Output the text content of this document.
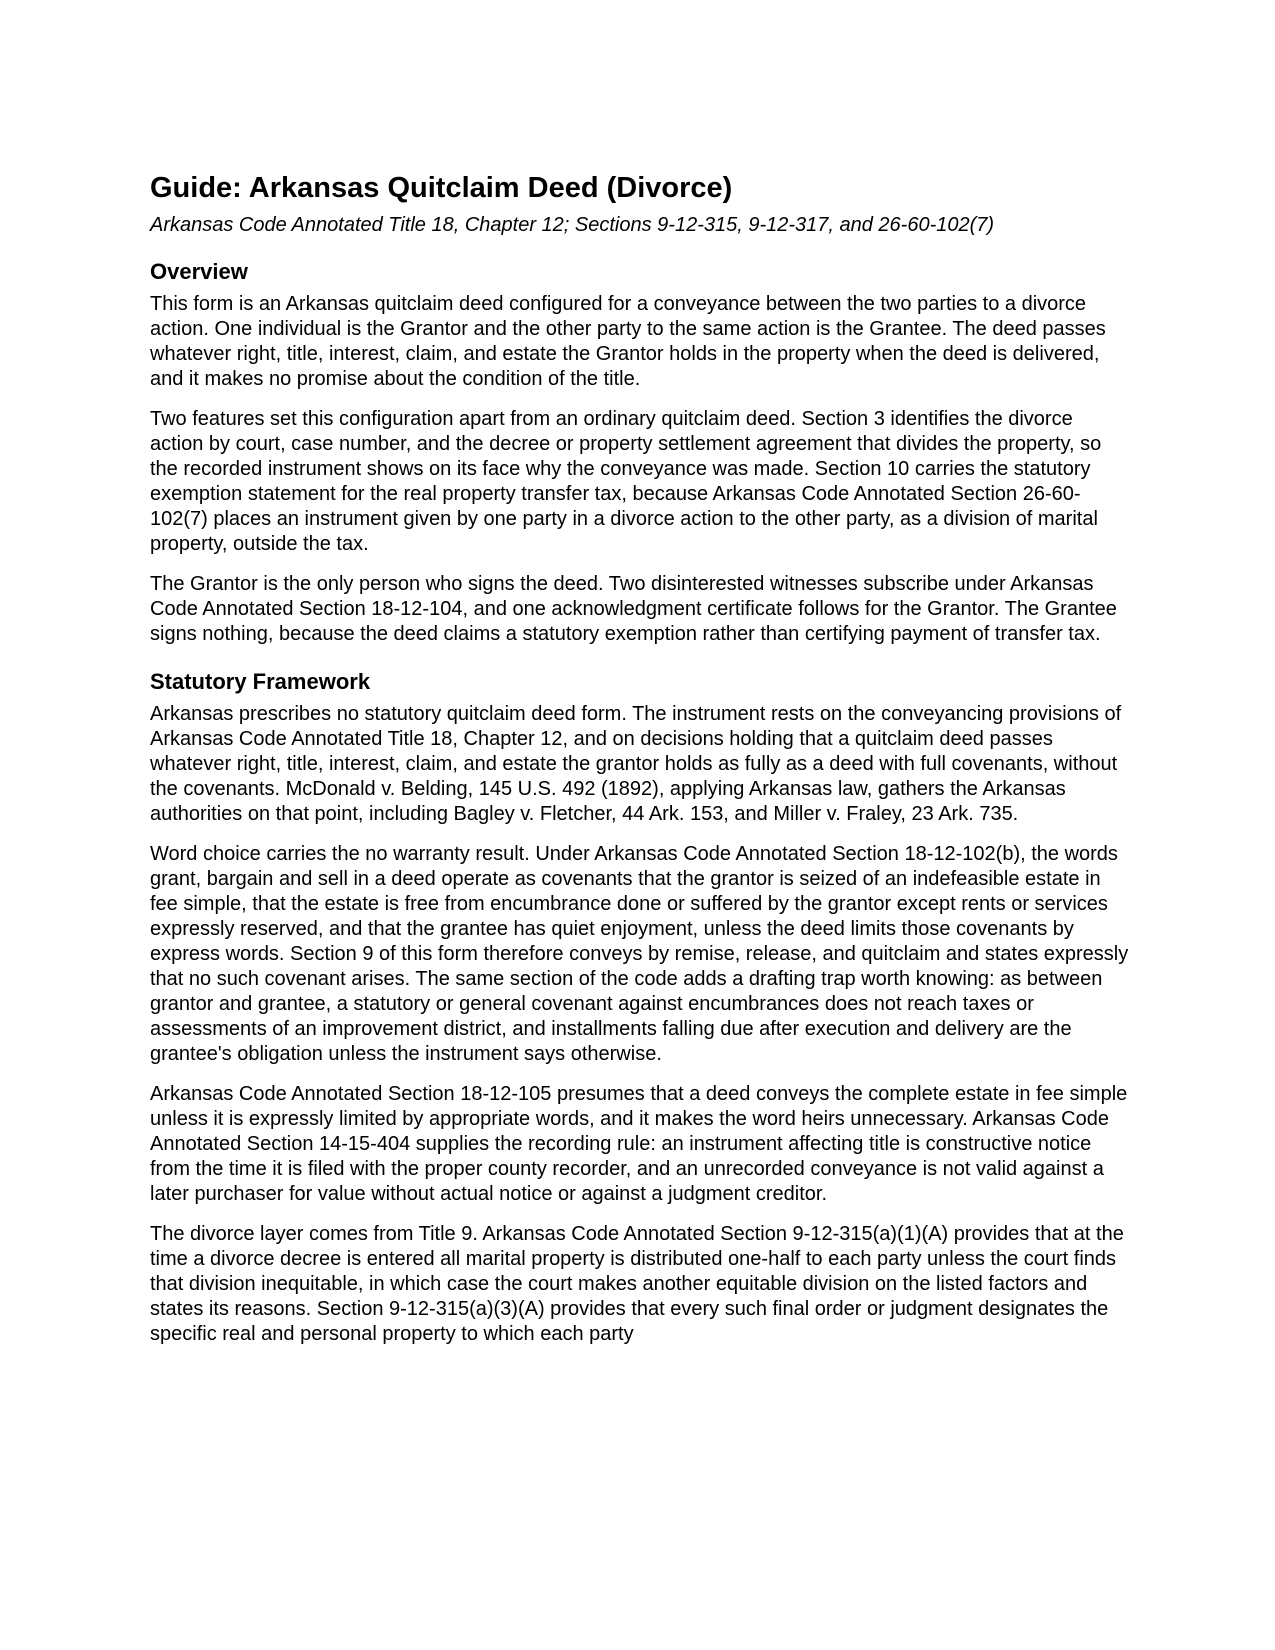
Guide: Arkansas Quitclaim Deed (Divorce)

Arkansas Code Annotated Title 18, Chapter 12; Sections 9-12-315, 9-12-317, and 26-60-102(7)

Overview

This form is an Arkansas quitclaim deed configured for a conveyance between the two parties to a divorce action. One individual is the Grantor and the other party to the same action is the Grantee. The deed passes whatever right, title, interest, claim, and estate the Grantor holds in the property when the deed is delivered, and it makes no promise about the condition of the title.

Two features set this configuration apart from an ordinary quitclaim deed. Section 3 identifies the divorce action by court, case number, and the decree or property settlement agreement that divides the property, so the recorded instrument shows on its face why the conveyance was made. Section 10 carries the statutory exemption statement for the real property transfer tax, because Arkansas Code Annotated Section 26-60-102(7) places an instrument given by one party in a divorce action to the other party, as a division of marital property, outside the tax.

The Grantor is the only person who signs the deed. Two disinterested witnesses subscribe under Arkansas Code Annotated Section 18-12-104, and one acknowledgment certificate follows for the Grantor. The Grantee signs nothing, because the deed claims a statutory exemption rather than certifying payment of transfer tax.

Statutory Framework

Arkansas prescribes no statutory quitclaim deed form. The instrument rests on the conveyancing provisions of Arkansas Code Annotated Title 18, Chapter 12, and on decisions holding that a quitclaim deed passes whatever right, title, interest, claim, and estate the grantor holds as fully as a deed with full covenants, without the covenants. McDonald v. Belding, 145 U.S. 492 (1892), applying Arkansas law, gathers the Arkansas authorities on that point, including Bagley v. Fletcher, 44 Ark. 153, and Miller v. Fraley, 23 Ark. 735.

Word choice carries the no warranty result. Under Arkansas Code Annotated Section 18-12-102(b), the words grant, bargain and sell in a deed operate as covenants that the grantor is seized of an indefeasible estate in fee simple, that the estate is free from encumbrance done or suffered by the grantor except rents or services expressly reserved, and that the grantee has quiet enjoyment, unless the deed limits those covenants by express words. Section 9 of this form therefore conveys by remise, release, and quitclaim and states expressly that no such covenant arises. The same section of the code adds a drafting trap worth knowing: as between grantor and grantee, a statutory or general covenant against encumbrances does not reach taxes or assessments of an improvement district, and installments falling due after execution and delivery are the grantee's obligation unless the instrument says otherwise.

Arkansas Code Annotated Section 18-12-105 presumes that a deed conveys the complete estate in fee simple unless it is expressly limited by appropriate words, and it makes the word heirs unnecessary. Arkansas Code Annotated Section 14-15-404 supplies the recording rule: an instrument affecting title is constructive notice from the time it is filed with the proper county recorder, and an unrecorded conveyance is not valid against a later purchaser for value without actual notice or against a judgment creditor.

The divorce layer comes from Title 9. Arkansas Code Annotated Section 9-12-315(a)(1)(A) provides that at the time a divorce decree is entered all marital property is distributed one-half to each party unless the court finds that division inequitable, in which case the court makes another equitable division on the listed factors and states its reasons. Section 9-12-315(a)(3)(A) provides that every such final order or judgment designates the specific real and personal property to which each party
